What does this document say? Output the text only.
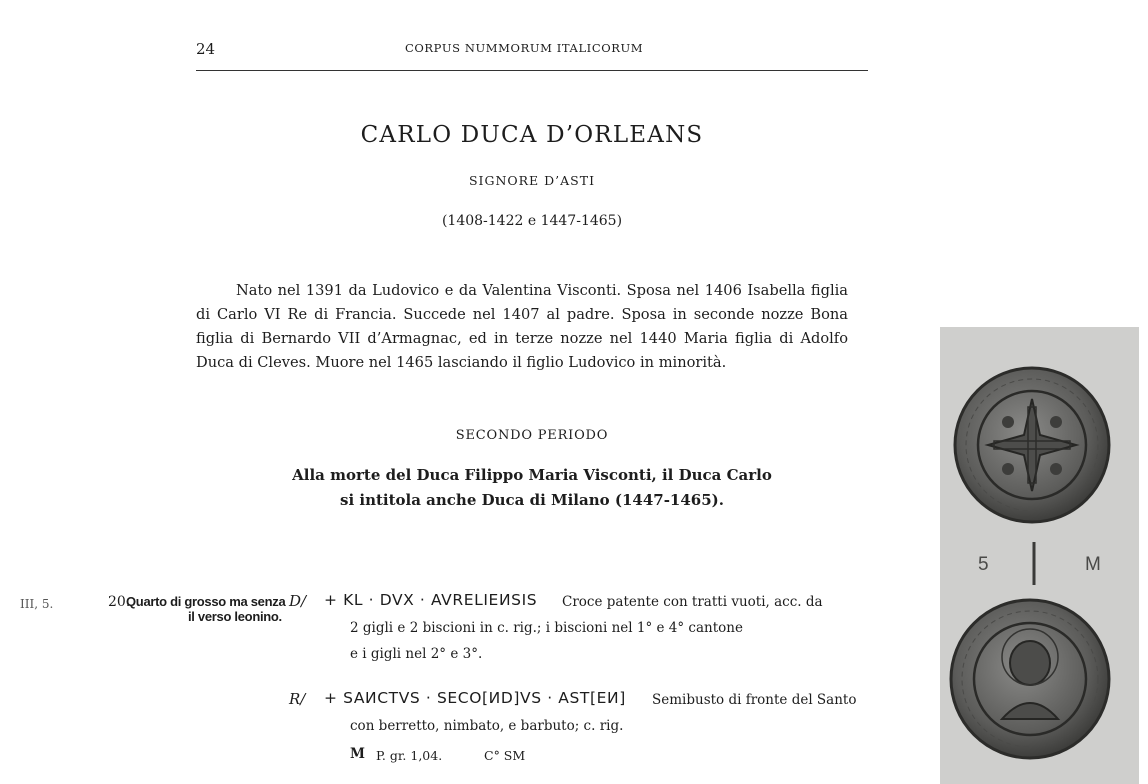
24	CORPUS NUMMORUM ITALICORUM
CARLO DUCA D’ORLEANS
SIGNORE D’ASTI
(1408-1422 e 1447-1465)
Nato nel 1391 da Ludovico e da Valentina Visconti. Sposa nel 1406 Isabella figlia di Carlo VI Re di Francia. Succede nel 1407 al padre. Sposa in seconde nozze Bona figlia di Bernardo VII d’Armagnac, ed in terze nozze nel 1440 Maria figlia di Adolfo Duca di Cleves. Muore nel 1465 lasciando il figlio Ludovico in minorità.
SECONDO PERIODO
Alla morte del Duca Filippo Maria Visconti, il Duca Carlo
si intitola anche Duca di Milano (1447-1465).
III, 5.	20.
Quarto di grosso ma senza
il verso leonino.
D/ + KL · DVX · AVRELIEИSIS Croce patente con tratti vuoti, acc. da
2 gigli e 2 biscioni in c. rig.; i biscioni nel 1° e 4° cantone
e i gigli nel 2° e 3°.
R/ + SAИCTVS · SECO[ИD]VS · AST[EИ] Semibusto di fronte del Santo
con berretto, nimbato, e barbuto; c. rig.
M P. gr. 1,04.	C° SM
5	M
